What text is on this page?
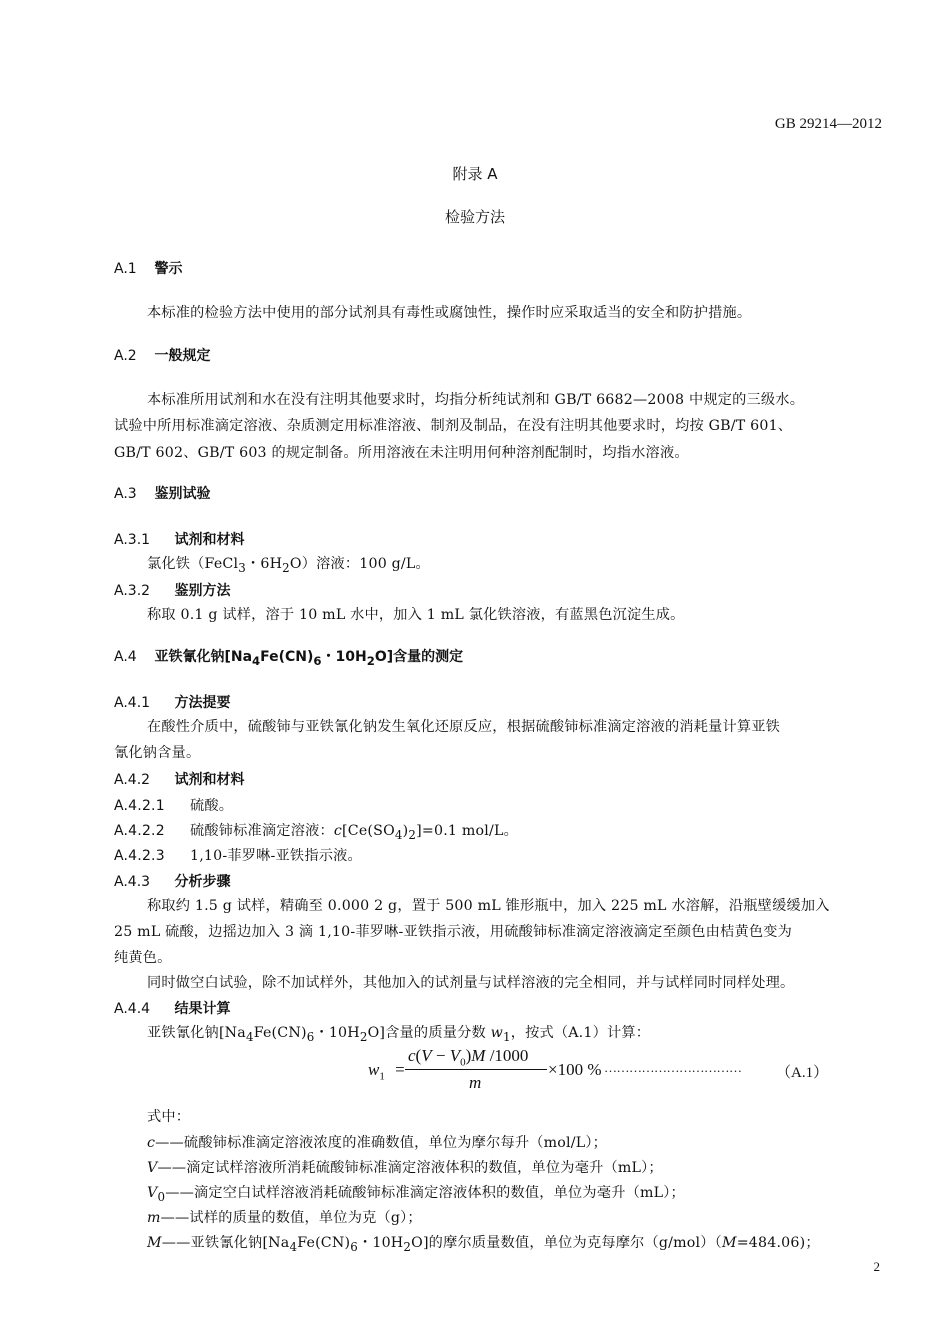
GB 29214—2012
附录 A
检验方法
A.1 警示
本标准的检验方法中使用的部分试剂具有毒性或腐蚀性，操作时应采取适当的安全和防护措施。
A.2 一般规定
本标准所用试剂和水在没有注明其他要求时，均指分析纯试剂和 GB/T 6682—2008 中规定的三级水。
试验中所用标准滴定溶液、杂质测定用标准溶液、制剂及制品，在没有注明其他要求时，均按 GB/T 601、
GB/T 602、GB/T 603 的规定制备。所用溶液在未注明用何种溶剂配制时，均指水溶液。
A.3 鉴别试验
A.3.1 试剂和材料
氯化铁（FeCl$_3$・$6H_2O$）溶液：100 g/L。
A.3.2 鉴别方法
称取 0.1 g 试样，溶于 10 mL 水中，加入 1 mL 氯化铁溶液，有蓝黑色沉淀生成。
A.4 亚铁氰化钠[$Na_4Fe(CN)_6$・$10H_2O$]含量的测定
A.4.1 方法提要
在酸性介质中，硫酸铈与亚铁氰化钠发生氧化还原反应，根据硫酸铈标准滴定溶液的消耗量计算亚铁
氰化钠含量。
A.4.2 试剂和材料
A.4.2.1 硫酸。
A.4.2.2 硫酸铈标准滴定溶液：$c[Ce(SO_4)_2]=0.1$ mol/L。
A.4.2.3 1,10-菲罗啉-亚铁指示液。
A.4.3 分析步骤
称取约 1.5 g 试样，精确至 0.000 2 g，置于 500 mL 锥形瓶中，加入 225 mL 水溶解，沿瓶壁缓缓加入
25 mL 硫酸，边摇边加入 3 滴 1,10-菲罗啉-亚铁指示液，用硫酸铈标准滴定溶液滴定至颜色由桔黄色变为
纯黄色。
同时做空白试验，除不加试样外，其他加入的试剂量与试样溶液的完全相同，并与试样同时同样处理。
A.4.4 结果计算
亚铁氰化钠[$Na_4Fe(CN)_6$・$10H_2O$]含量的质量分数 $w_1$，按式（A.1）计算：
$w_1$ =
$c(V - V_0)M$ /1000
m
×100 % …………………………… （A.1）
式中：
c——硫酸铈标准滴定溶液浓度的准确数值，单位为摩尔每升（mol/L）；
V——滴定试样溶液所消耗硫酸铈标准滴定溶液体积的数值，单位为毫升（mL）；
$V_0——$滴定空白试样溶液消耗硫酸铈标准滴定溶液体积的数值，单位为毫升（mL）；
m——试样的质量的数值，单位为克（g）；
M——亚铁氰化钠[$Na_4Fe(CN)_6$・$10H_2O$]的摩尔质量数值，单位为克每摩尔（g/mol）（M=484.06)；
2
